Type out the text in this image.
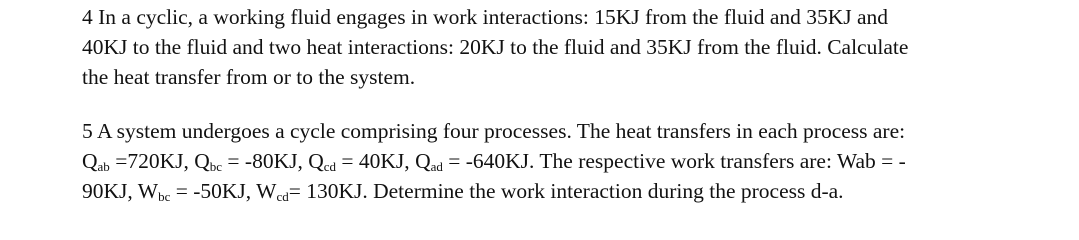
4 In a cyclic, a working fluid engages in work interactions: 15KJ from the fluid and 35KJ and
40KJ to the fluid and two heat interactions: 20KJ to the fluid and 35KJ from the fluid. Calculate
the heat transfer from or to the system.

5 A system undergoes a cycle comprising four processes. The heat transfers in each process are:
$Q_{ab} =720KJ$, $Q_{bc} = -80KJ$, $Q_{cd} = 40KJ$, $Q_{ad} = -640KJ$. The respective work transfers are: Wab = -
90KJ, $W_{bc} = -50KJ$, $W_{cd}= 130KJ$. Determine the work interaction during the process d-a.
